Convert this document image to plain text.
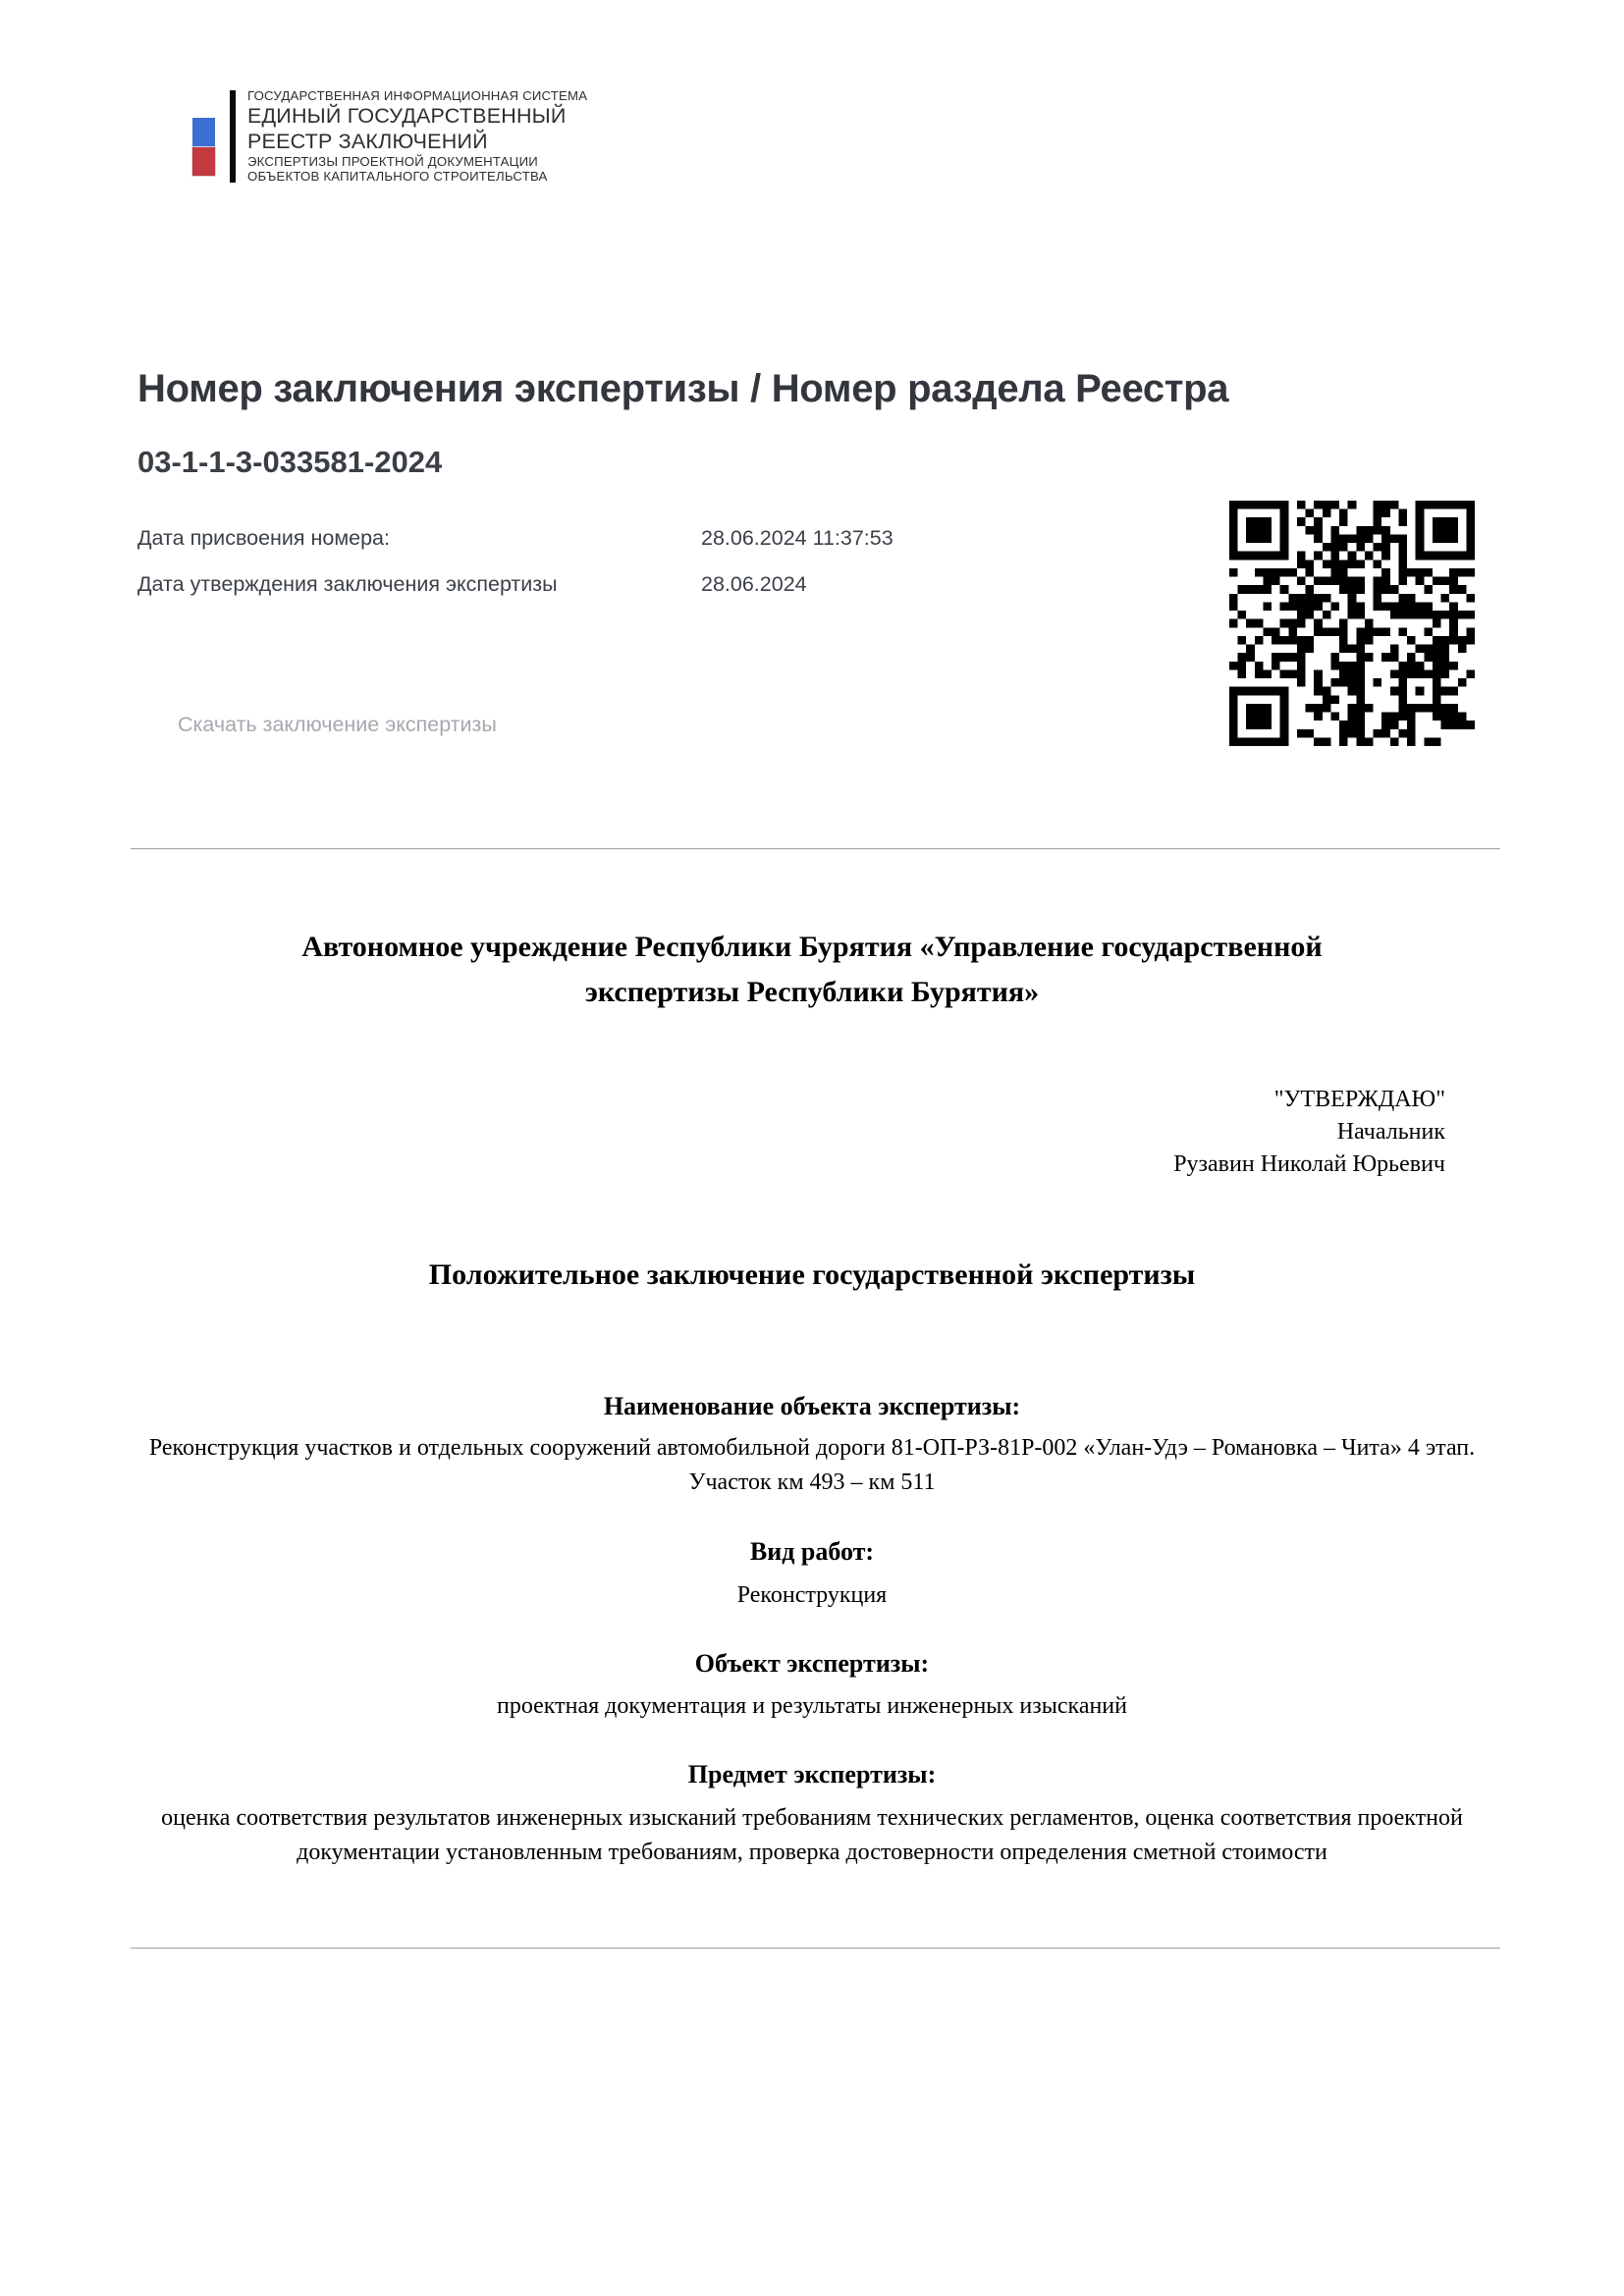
ГОСУДАРСТВЕННАЯ ИНФОРМАЦИОННАЯ СИСТЕМА
ЕДИНЫЙ ГОСУДАРСТВЕННЫЙ
РЕЕСТР ЗАКЛЮЧЕНИЙ
ЭКСПЕРТИЗЫ ПРОЕКТНОЙ ДОКУМЕНТАЦИИ
ОБЪЕКТОВ КАПИТАЛЬНОГО СТРОИТЕЛЬСТВА
Номер заключения экспертизы / Номер раздела Реестра
03-1-1-3-033581-2024
Дата присвоения номера:	28.06.2024 11:37:53
Дата утверждения заключения экспертизы	28.06.2024
Скачать заключение экспертизы
Автономное учреждение Республики Бурятия «Управление государственной экспертизы Республики Бурятия»
"УТВЕРЖДАЮ"
Начальник
Рузавин Николай Юрьевич
Положительное заключение государственной экспертизы
Наименование объекта экспертизы:
Реконструкция участков и отдельных сооружений автомобильной дороги 81-ОП-РЗ-81Р-002 «Улан-Удэ – Романовка – Чита» 4 этап. Участок км 493 – км 511
Вид работ:
Реконструкция
Объект экспертизы:
проектная документация и результаты инженерных изысканий
Предмет экспертизы:
оценка соответствия результатов инженерных изысканий требованиям технических регламентов, оценка соответствия проектной документации установленным требованиям, проверка достоверности определения сметной стоимости
